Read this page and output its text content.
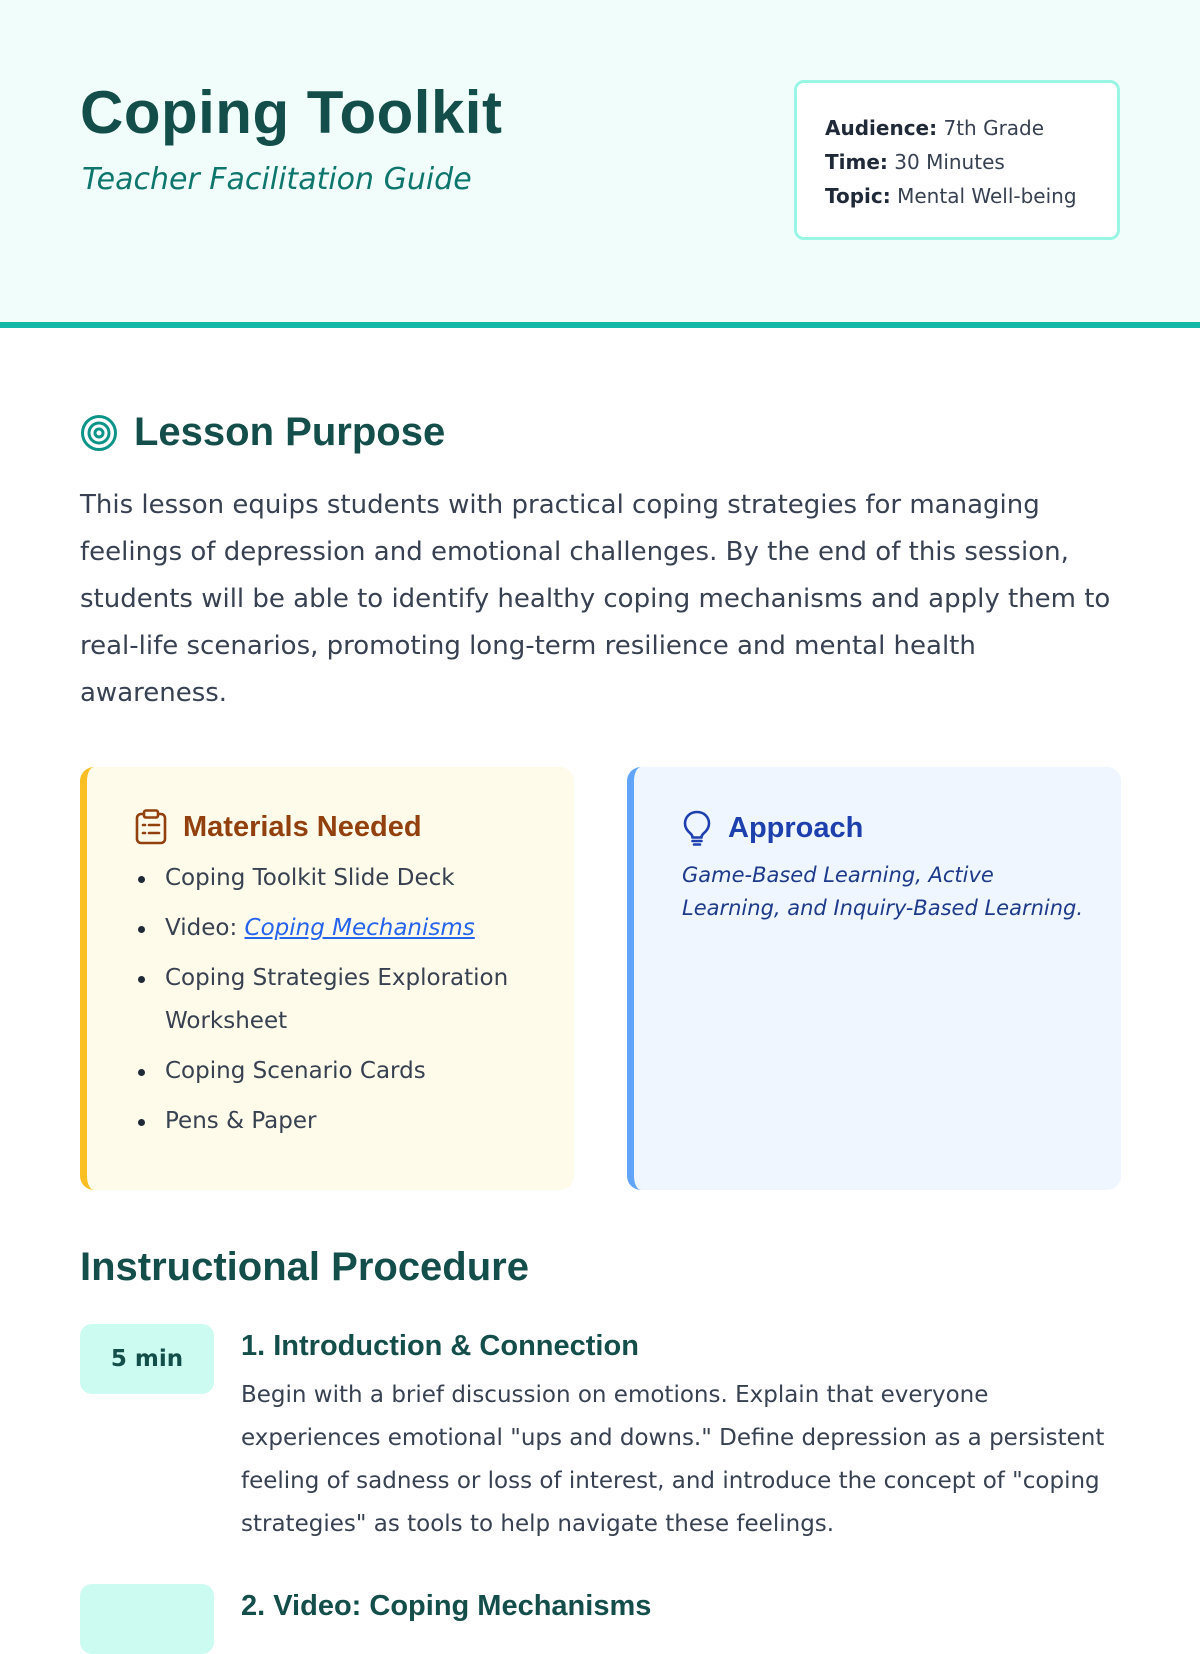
Coping Toolkit
Teacher Facilitation Guide
Audience: 7th Grade
Time: 30 Minutes
Topic: Mental Well-being
Lesson Purpose

This lesson equips students with practical coping strategies for managing feelings of depression and emotional challenges. By the end of this session, students will be able to identify healthy coping mechanisms and apply them to real-life scenarios, promoting long-term resilience and mental health awareness.

Materials Needed
Coping Toolkit Slide Deck
Video: Coping Mechanisms
Coping Strategies Exploration Worksheet
Coping Scenario Cards
Pens & Paper
Approach

Game-Based Learning, Active Learning, and Inquiry-Based Learning.

Instructional Procedure
5 min	1. Introduction & Connection

Begin with a brief discussion on emotions. Explain that everyone experiences emotional "ups and downs." Define depression as a persistent feeling of sadness or loss of interest, and introduce the concept of "coping strategies" as tools to help navigate these feelings.

2. Video: Coping Mechanisms
